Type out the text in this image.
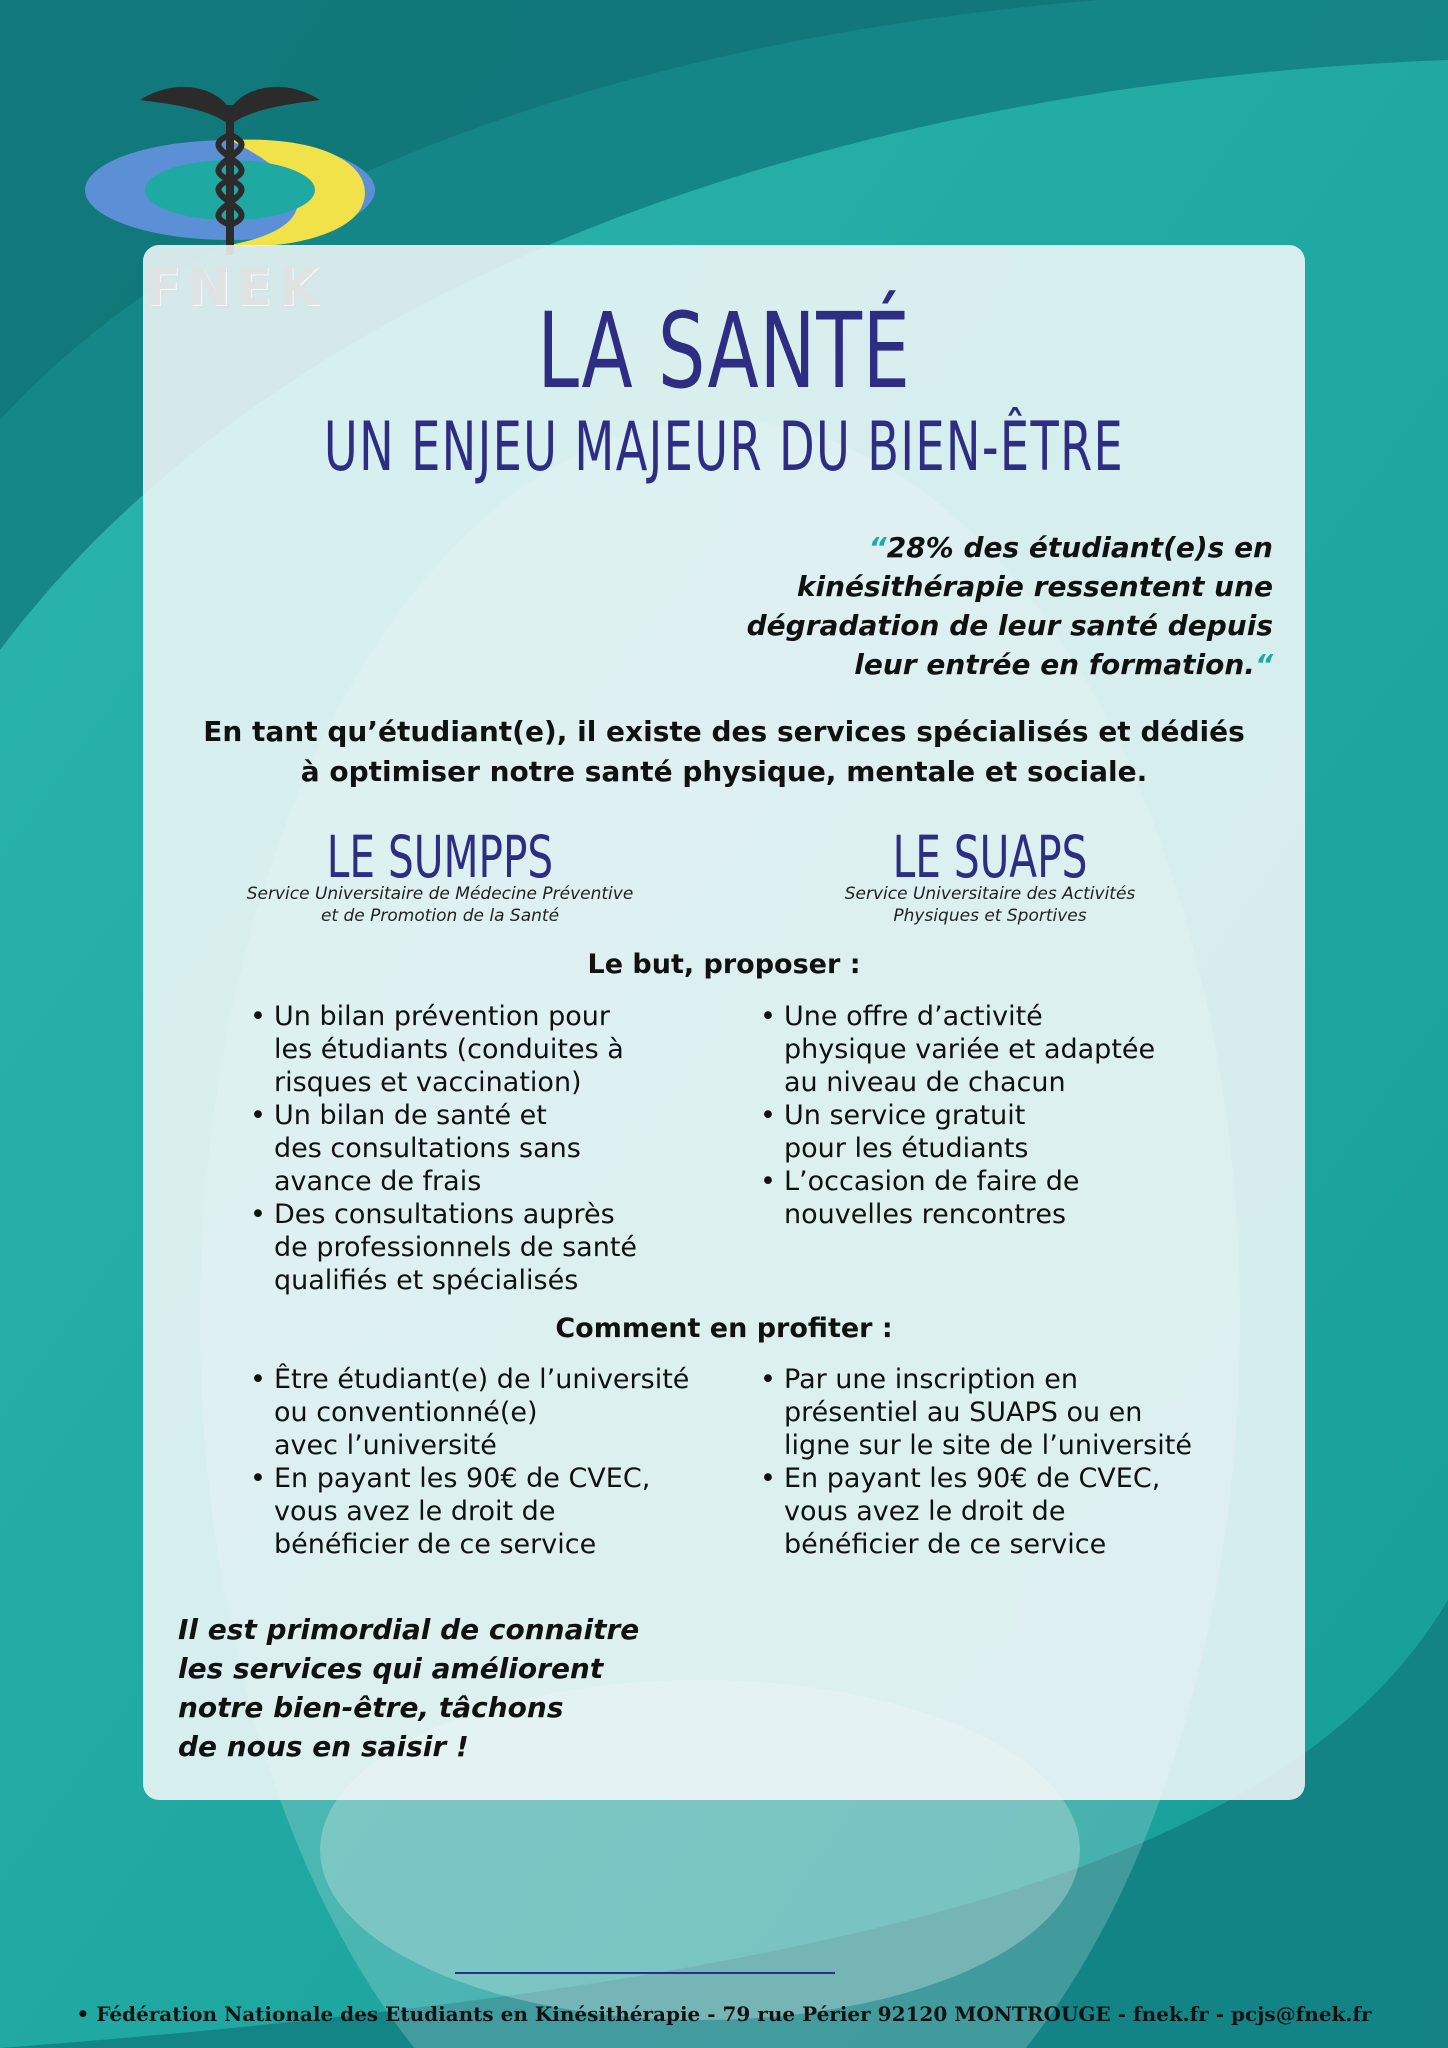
LA SANTÉ
UN ENJEU MAJEUR DU BIEN-ÊTRE
“28% des étudiant(e)s en
kinésithérapie ressentent une
dégradation de leur santé depuis
leur entrée en formation.“
En tant qu’étudiant(e), il existe des services spécialisés et dédiés
à optimiser notre santé physique, mentale et sociale.
LE SUMPPS
Service Universitaire de Médecine Préventive
et de Promotion de la Santé
LE SUAPS
Service Universitaire des Activités
Physiques et Sportives
Le but, proposer :
• Un bilan prévention pour
les étudiants (conduites à
risques et vaccination)
• Un bilan de santé et
des consultations sans
avance de frais
• Des consultations auprès
de professionnels de santé
qualifiés et spécialisés
• Une offre d’activité
physique variée et adaptée
au niveau de chacun
• Un service gratuit
pour les étudiants
• L’occasion de faire de
nouvelles rencontres
Comment en profiter :
• Être étudiant(e) de l’université
ou conventionné(e)
avec l’université
• En payant les 90€ de CVEC,
vous avez le droit de
bénéficier de ce service
• Par une inscription en
présentiel au SUAPS ou en
ligne sur le site de l’université
• En payant les 90€ de CVEC,
vous avez le droit de
bénéficier de ce service
Il est primordial de connaitre
les services qui améliorent
notre bien-être, tâchons
de nous en saisir !
• Fédération Nationale des Etudiants en Kinésithérapie - 79 rue Périer 92120 MONTROUGE - fnek.fr - pcjs@fnek.fr
